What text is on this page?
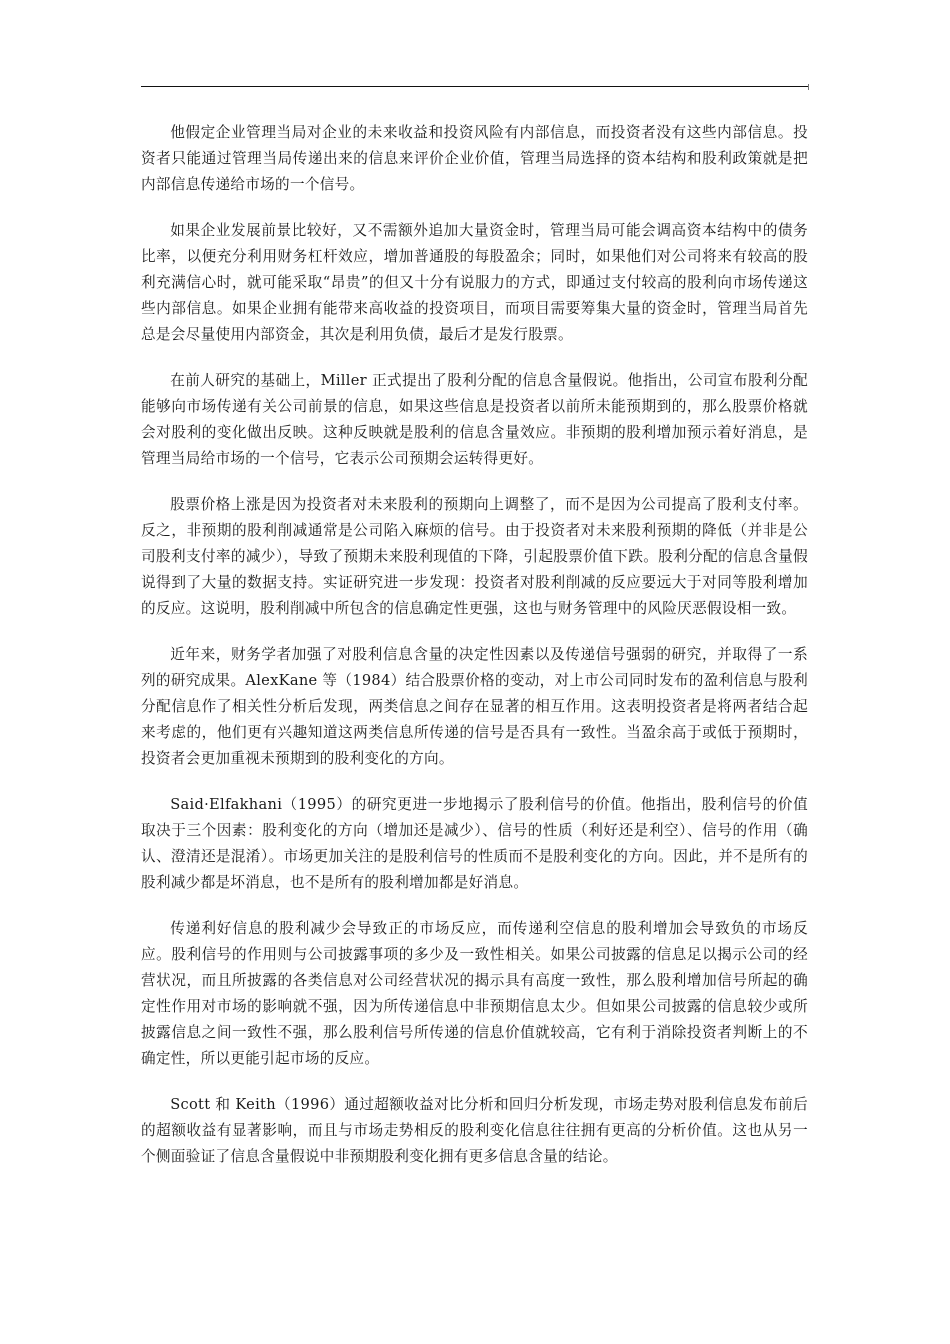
他假定企业管理当局对企业的未来收益和投资风险有内部信息，而投资者没有这些内部信息。投资者只能通过管理当局传递出来的信息来评价企业价值，管理当局选择的资本结构和股利政策就是把内部信息传递给市场的一个信号。

如果企业发展前景比较好，又不需额外追加大量资金时，管理当局可能会调高资本结构中的债务比率，以便充分利用财务杠杆效应，增加普通股的每股盈余；同时，如果他们对公司将来有较高的股利充满信心时，就可能采取“昂贵”的但又十分有说服力的方式，即通过支付较高的股利向市场传递这些内部信息。如果企业拥有能带来高收益的投资项目，而项目需要筹集大量的资金时，管理当局首先总是会尽量使用内部资金，其次是利用负债，最后才是发行股票。

在前人研究的基础上，Miller 正式提出了股利分配的信息含量假说。他指出，公司宣布股利分配能够向市场传递有关公司前景的信息，如果这些信息是投资者以前所未能预期到的，那么股票价格就会对股利的变化做出反映。这种反映就是股利的信息含量效应。非预期的股利增加预示着好消息，是管理当局给市场的一个信号，它表示公司预期会运转得更好。

股票价格上涨是因为投资者对未来股利的预期向上调整了，而不是因为公司提高了股利支付率。反之，非预期的股利削减通常是公司陷入麻烦的信号。由于投资者对未来股利预期的降低（并非是公司股利支付率的减少），导致了预期未来股利现值的下降，引起股票价值下跌。股利分配的信息含量假说得到了大量的数据支持。实证研究进一步发现：投资者对股利削减的反应要远大于对同等股利增加的反应。这说明，股利削减中所包含的信息确定性更强，这也与财务管理中的风险厌恶假设相一致。

近年来，财务学者加强了对股利信息含量的决定性因素以及传递信号强弱的研究，并取得了一系列的研究成果。AlexKane 等（1984）结合股票价格的变动，对上市公司同时发布的盈利信息与股利分配信息作了相关性分析后发现，两类信息之间存在显著的相互作用。这表明投资者是将两者结合起来考虑的，他们更有兴趣知道这两类信息所传递的信号是否具有一致性。当盈余高于或低于预期时，投资者会更加重视未预期到的股利变化的方向。

Said·Elfakhani（1995）的研究更进一步地揭示了股利信号的价值。他指出，股利信号的价值取决于三个因素：股利变化的方向（增加还是减少）、信号的性质（利好还是利空）、信号的作用（确认、澄清还是混淆）。市场更加关注的是股利信号的性质而不是股利变化的方向。因此，并不是所有的股利减少都是坏消息，也不是所有的股利增加都是好消息。

传递利好信息的股利减少会导致正的市场反应，而传递利空信息的股利增加会导致负的市场反应。股利信号的作用则与公司披露事项的多少及一致性相关。如果公司披露的信息足以揭示公司的经营状况，而且所披露的各类信息对公司经营状况的揭示具有高度一致性，那么股利增加信号所起的确定性作用对市场的影响就不强，因为所传递信息中非预期信息太少。但如果公司披露的信息较少或所披露信息之间一致性不强，那么股利信号所传递的信息价值就较高，它有利于消除投资者判断上的不确定性，所以更能引起市场的反应。

Scott 和 Keith（1996）通过超额收益对比分析和回归分析发现，市场走势对股利信息发布前后的超额收益有显著影响，而且与市场走势相反的股利变化信息往往拥有更高的分析价值。这也从另一个侧面验证了信息含量假说中非预期股利变化拥有更多信息含量的结论。
